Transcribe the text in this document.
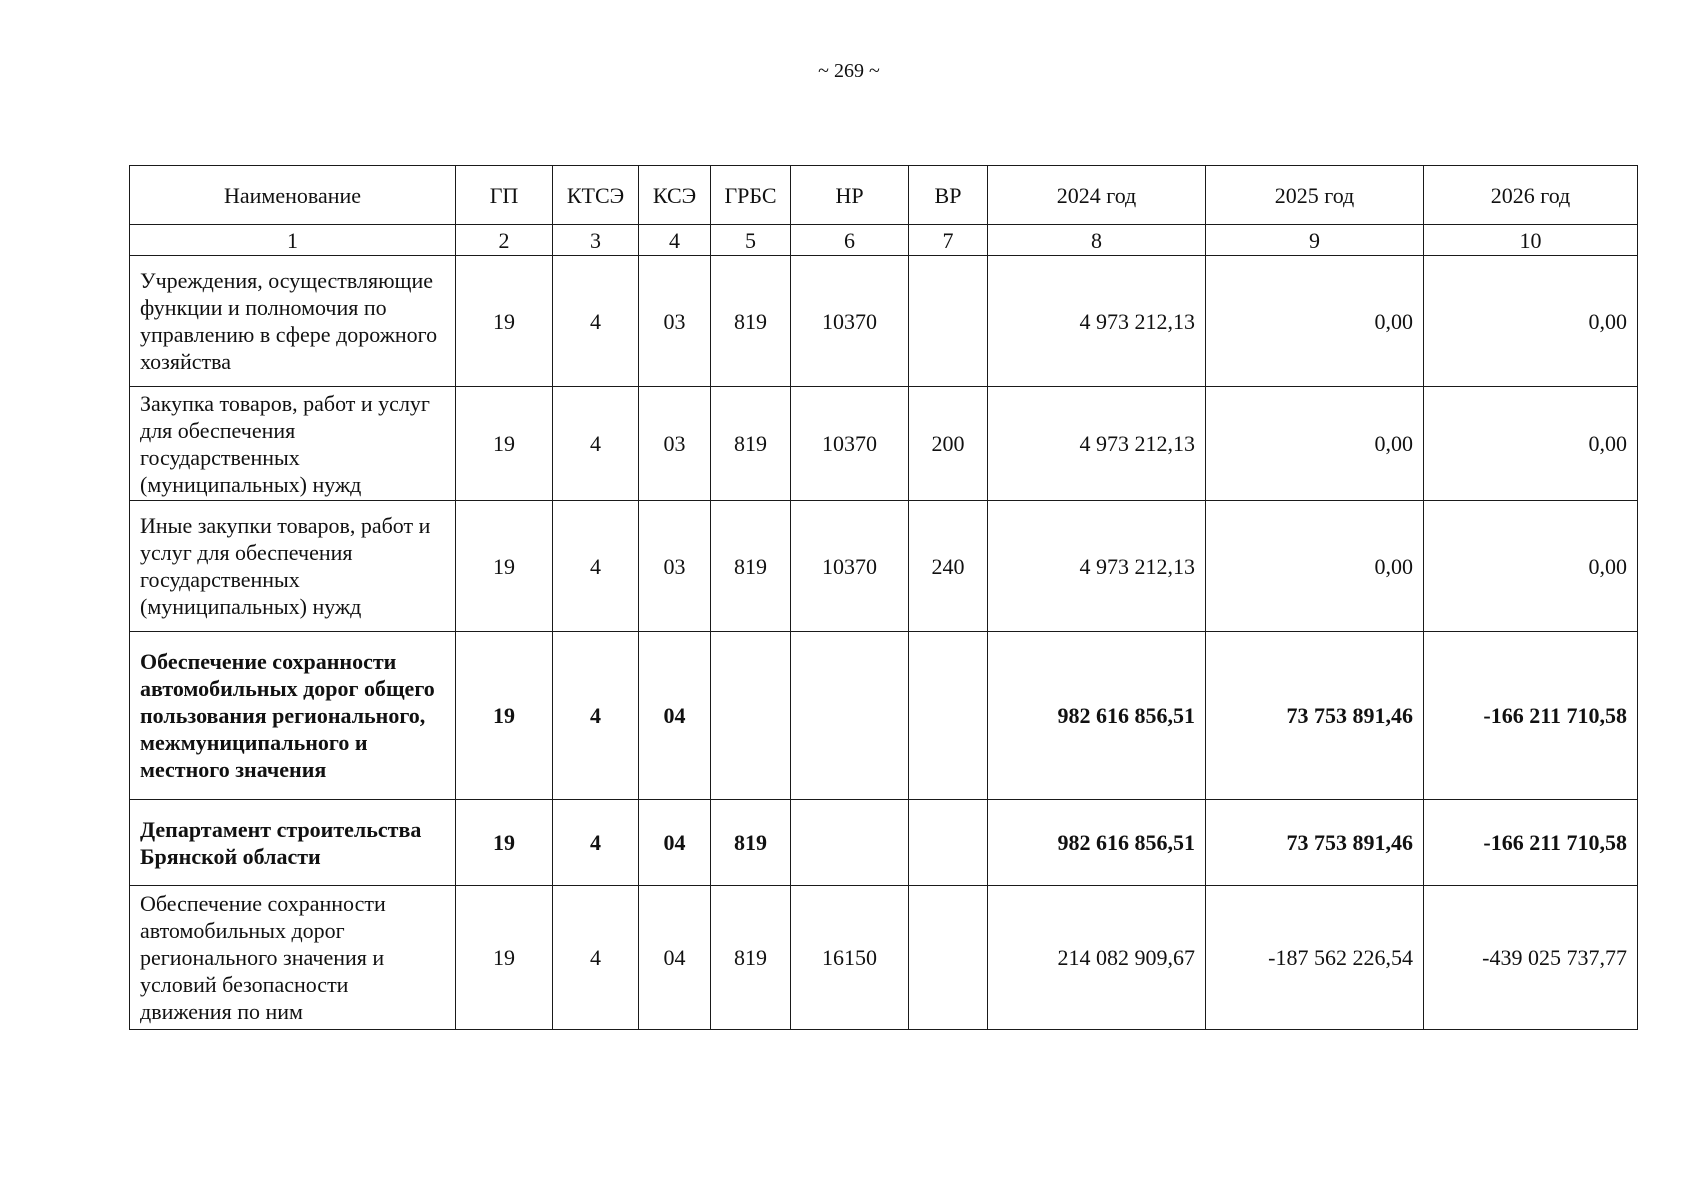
~ 269 ~
Наименование	ГП	КТСЭ	КСЭ	ГРБС	НР	ВР	2024 год	2025 год	2026 год
1	2	3	4	5	6	7	8	9	10
Учреждения, осуществляющие функции и полномочия по управлению в сфере дорожного хозяйства	19	4	03	819	10370		4 973 212,13	0,00	0,00
Закупка товаров, работ и услуг для обеспечения государственных (муниципальных) нужд	19	4	03	819	10370	200	4 973 212,13	0,00	0,00
Иные закупки товаров, работ и услуг для обеспечения государственных (муниципальных) нужд	19	4	03	819	10370	240	4 973 212,13	0,00	0,00
Обеспечение сохранности автомобильных дорог общего пользования регионального, межмуниципального и местного значения	19	4	04				982 616 856,51	73 753 891,46	-166 211 710,58
Департамент строительства Брянской области	19	4	04	819			982 616 856,51	73 753 891,46	-166 211 710,58
Обеспечение сохранности автомобильных дорог регионального значения и условий безопасности движения по ним	19	4	04	819	16150		214 082 909,67	-187 562 226,54	-439 025 737,77
